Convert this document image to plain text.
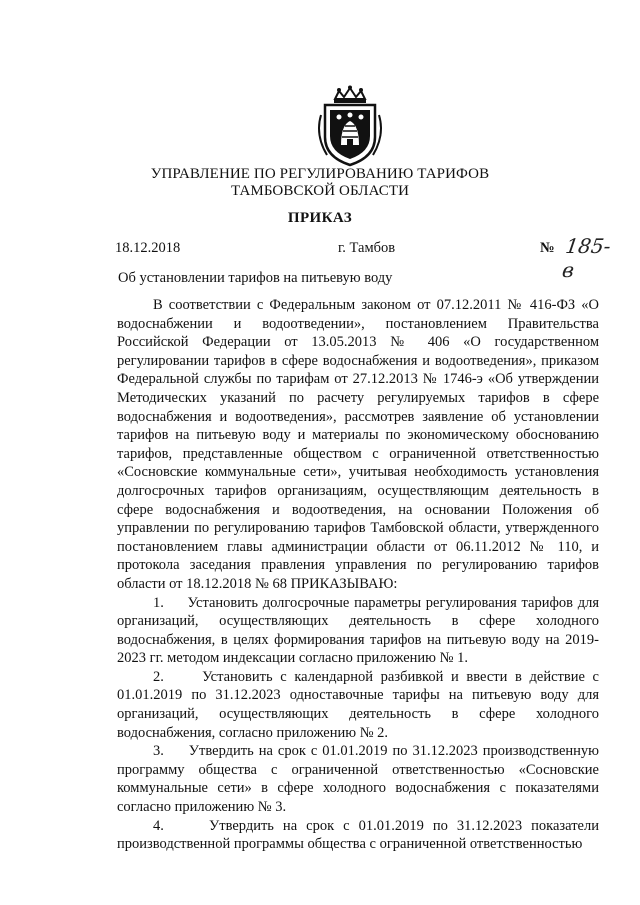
УПРАВЛЕНИЕ ПО РЕГУЛИРОВАНИЮ ТАРИФОВ
ТАМБОВСКОЙ ОБЛАСТИ
ПРИКАЗ
18.12.2018	г. Тамбов	№ 185-в
Об установлении тарифов на питьевую воду

В соответствии с Федеральным законом от 07.12.2011 № 416-ФЗ «О водоснабжении и водоотведении», постановлением Правительства Российской Федерации от 13.05.2013 № 406 «О государственном регулировании тарифов в сфере водоснабжения и водоотведения», приказом Федеральной службы по тарифам от 27.12.2013 № 1746-э «Об утверждении Методических указаний по расчету регулируемых тарифов в сфере водоснабжения и водоотведения», рассмотрев заявление об установлении тарифов на питьевую воду и материалы по экономическому обоснованию тарифов, представленные обществом с ограниченной ответственностью «Сосновские коммунальные сети», учитывая необходимость установления долгосрочных тарифов организациям, осуществляющим деятельность в сфере водоснабжения и водоотведения, на основании Положения об управлении по регулированию тарифов Тамбовской области, утвержденного постановлением главы администрации области от 06.11.2012 № 110, и протокола заседания правления управления по регулированию тарифов области от 18.12.2018 № 68 ПРИКАЗЫВАЮ:

1.     Установить долгосрочные параметры регулирования тарифов для организаций, осуществляющих деятельность в сфере холодного водоснабжения, в целях формирования тарифов на питьевую воду на 2019-2023 гг. методом индексации согласно приложению № 1.

2.     Установить с календарной разбивкой и ввести в действие с 01.01.2019 по 31.12.2023 одноставочные тарифы на питьевую воду для организаций, осуществляющих деятельность в сфере холодного водоснабжения, согласно приложению № 2.

3.     Утвердить на срок с 01.01.2019 по 31.12.2023 производственную программу общества с ограниченной ответственностью «Сосновские коммунальные сети» в сфере холодного водоснабжения с показателями согласно приложению № 3.

4.     Утвердить на срок с 01.01.2019 по 31.12.2023 показатели производственной программы общества с ограниченной ответственностью
